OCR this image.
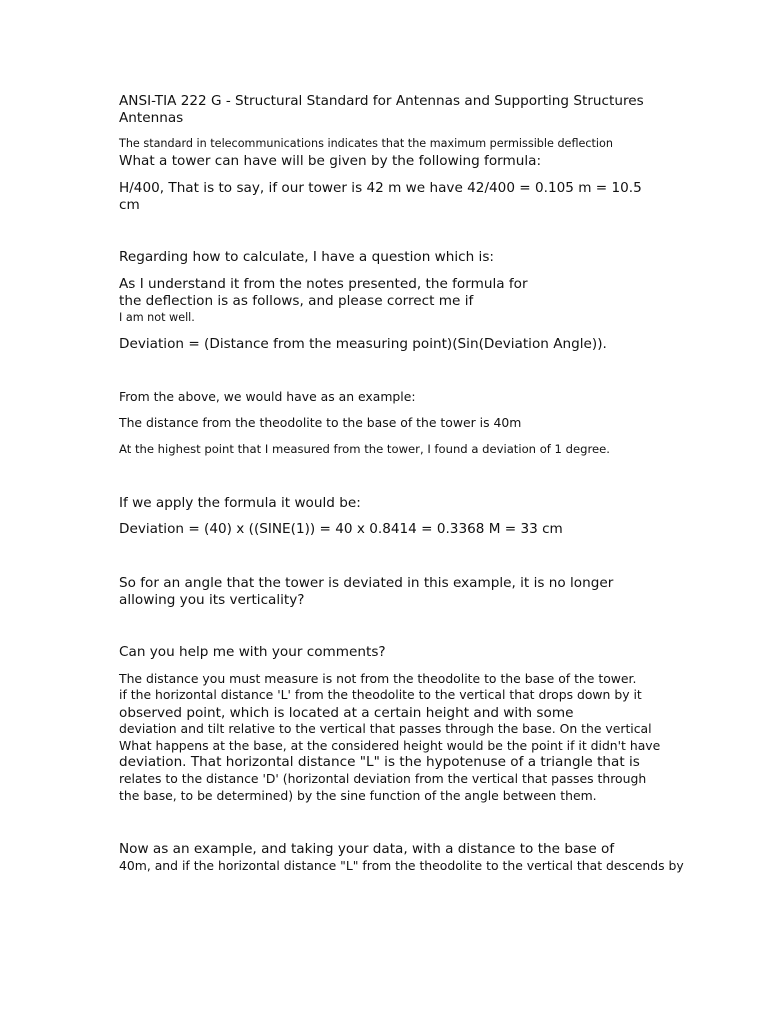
ANSI-TIA 222 G - Structural Standard for Antennas and Supporting Structures
Antennas
The standard in telecommunications indicates that the maximum permissible deflection
What a tower can have will be given by the following formula:
H/400, That is to say, if our tower is 42 m we have 42/400 = 0.105 m = 10.5
cm
Regarding how to calculate, I have a question which is:
As I understand it from the notes presented, the formula for
the deflection is as follows, and please correct me if
I am not well.
Deviation = (Distance from the measuring point)(Sin(Deviation Angle)).
From the above, we would have as an example:
The distance from the theodolite to the base of the tower is 40m
At the highest point that I measured from the tower, I found a deviation of 1 degree.
If we apply the formula it would be:
Deviation = (40) x ((SINE(1)) = 40 x 0.8414 = 0.3368 M = 33 cm
So for an angle that the tower is deviated in this example, it is no longer
allowing you its verticality?
Can you help me with your comments?
The distance you must measure is not from the theodolite to the base of the tower.
if the horizontal distance 'L' from the theodolite to the vertical that drops down by it
observed point, which is located at a certain height and with some
deviation and tilt relative to the vertical that passes through the base. On the vertical
What happens at the base, at the considered height would be the point if it didn't have
deviation. That horizontal distance "L" is the hypotenuse of a triangle that is
relates to the distance 'D' (horizontal deviation from the vertical that passes through
the base, to be determined) by the sine function of the angle between them.
Now as an example, and taking your data, with a distance to the base of
40m, and if the horizontal distance "L" from the theodolite to the vertical that descends by
